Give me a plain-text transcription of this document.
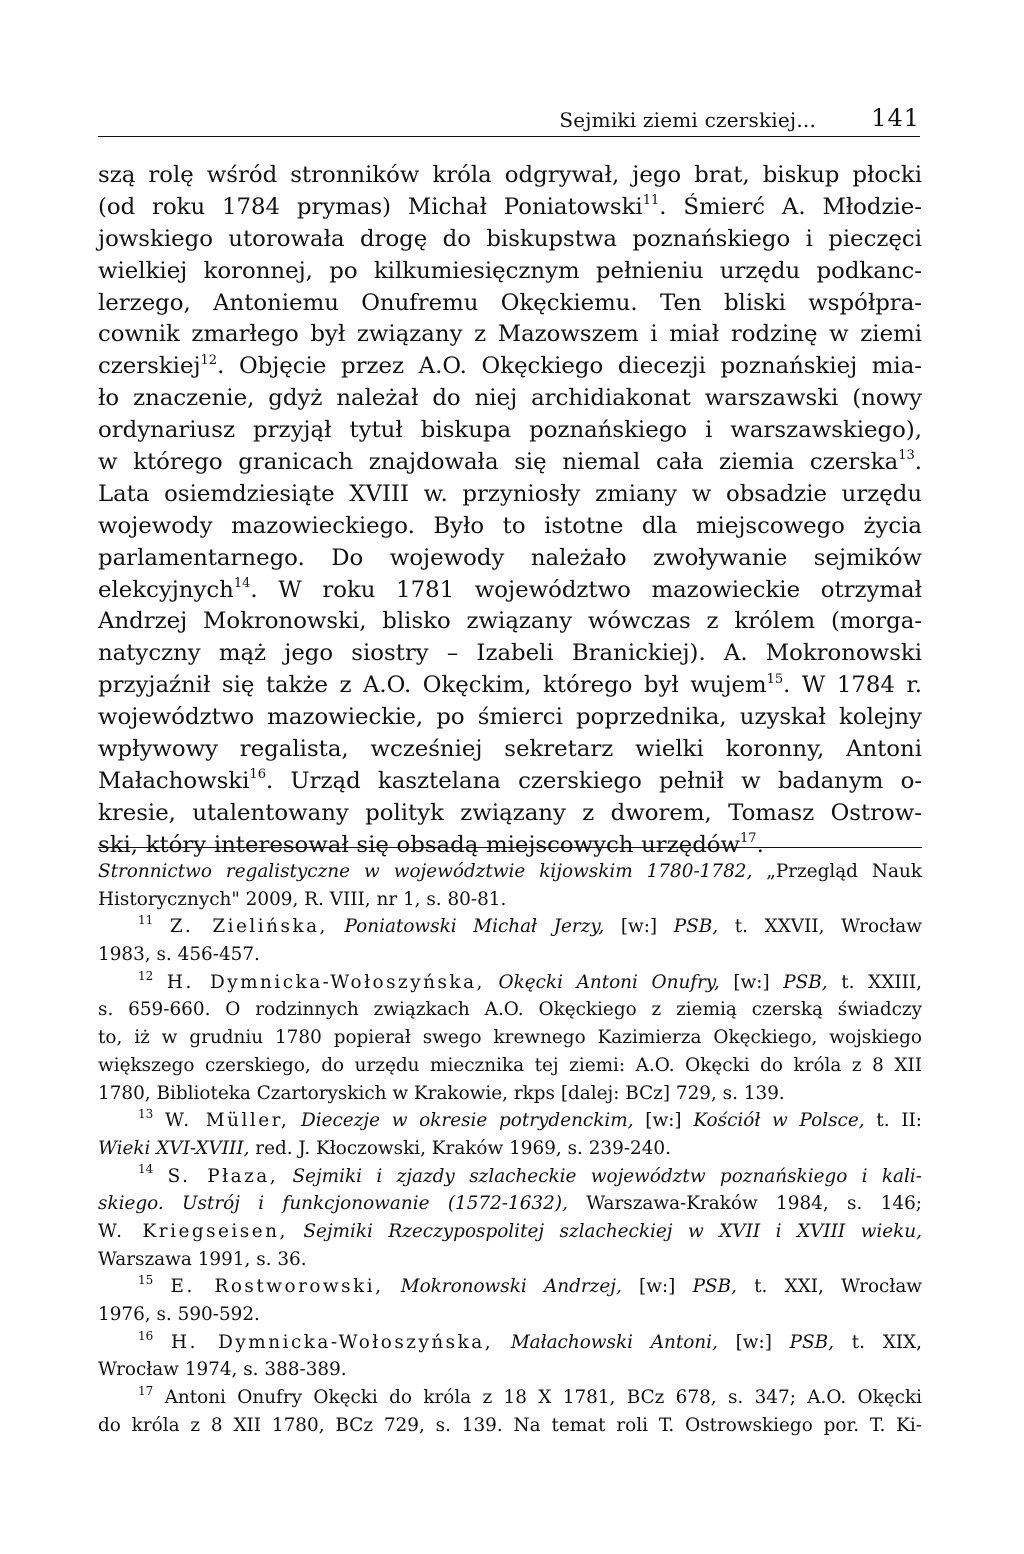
Sejmiki ziemi czerskiej... 141
szą rolę wśród stronników króla odgrywał, jego brat, biskup płocki
(od roku 1784 prymas) Michał Poniatowski$^{11}$. Śmierć A. Młodzie-
jowskiego utorowała drogę do biskupstwa poznańskiego i pieczęci
wielkiej koronnej, po kilkumiesięcznym pełnieniu urzędu podkanc-
lerzego, Antoniemu Onufremu Okęckiemu. Ten bliski współpra-
cownik zmarłego był związany z Mazowszem i miał rodzinę w ziemi
czerskiej$^{12}$. Objęcie przez A.O. Okęckiego diecezji poznańskiej mia-
ło znaczenie, gdyż należał do niej archidiakonat warszawski (nowy
ordynariusz przyjął tytuł biskupa poznańskiego i warszawskiego),
w którego granicach znajdowała się niemal cała ziemia czerska$^{13}$.
Lata osiemdziesiąte XVIII w. przyniosły zmiany w obsadzie urzędu
wojewody mazowieckiego. Było to istotne dla miejscowego życia
parlamentarnego. Do wojewody należało zwoływanie sejmików
elekcyjnych$^{14}$. W roku 1781 województwo mazowieckie otrzymał
Andrzej Mokronowski, blisko związany wówczas z królem (morga-
natyczny mąż jego siostry – Izabeli Branickiej). A. Mokronowski
przyjaźnił się także z A.O. Okęckim, którego był wujem$^{15}$. W 1784 r.
województwo mazowieckie, po śmierci poprzednika, uzyskał kolejny
wpływowy regalista, wcześniej sekretarz wielki koronny, Antoni
Małachowski$^{16}$. Urząd kasztelana czerskiego pełnił w badanym o-
kresie, utalentowany polityk związany z dworem, Tomasz Ostrow-
ski, który interesował się obsadą miejscowych urzędów$^{17}$.
Stronnictwo regalistyczne w województwie kijowskim 1780-1782, „Przegląd Nauk
Historycznych" 2009, R. VIII, nr 1, s. 80-81.
$^{11}$ Z. Zielińska, Poniatowski Michał Jerzy, [w:] PSB, t. XXVII, Wrocław
1983, s. 456-457.
$^{12}$ H. Dymnicka-Wołoszyńska, Okęcki Antoni Onufry, [w:] PSB, t. XXIII,
s. 659-660. O rodzinnych związkach A.O. Okęckiego z ziemią czerską świadczy
to, iż w grudniu 1780 popierał swego krewnego Kazimierza Okęckiego, wojskiego
większego czerskiego, do urzędu miecznika tej ziemi: A.O. Okęcki do króla z 8 XII
1780, Biblioteka Czartoryskich w Krakowie, rkps [dalej: BCz] 729, s. 139.
$^{13}$ W. Müller, Diecezje w okresie potrydenckim, [w:] Kościół w Polsce, t. II:
Wieki XVI-XVIII, red. J. Kłoczowski, Kraków 1969, s. 239-240.
$^{14}$ S. Płaza, Sejmiki i zjazdy szlacheckie województw poznańskiego i kali-
skiego. Ustrój i funkcjonowanie (1572-1632), Warszawa-Kraków 1984, s. 146;
W. Kriegseisen, Sejmiki Rzeczypospolitej szlacheckiej w XVII i XVIII wieku,
Warszawa 1991, s. 36.
$^{15}$ E. Rostworowski, Mokronowski Andrzej, [w:] PSB, t. XXI, Wrocław
1976, s. 590-592.
$^{16}$ H. Dymnicka-Wołoszyńska, Małachowski Antoni, [w:] PSB, t. XIX,
Wrocław 1974, s. 388-389.
$^{17}$ Antoni Onufry Okęcki do króla z 18 X 1781, BCz 678, s. 347; A.O. Okęcki
do króla z 8 XII 1780, BCz 729, s. 139. Na temat roli T. Ostrowskiego por. T. Ki-
